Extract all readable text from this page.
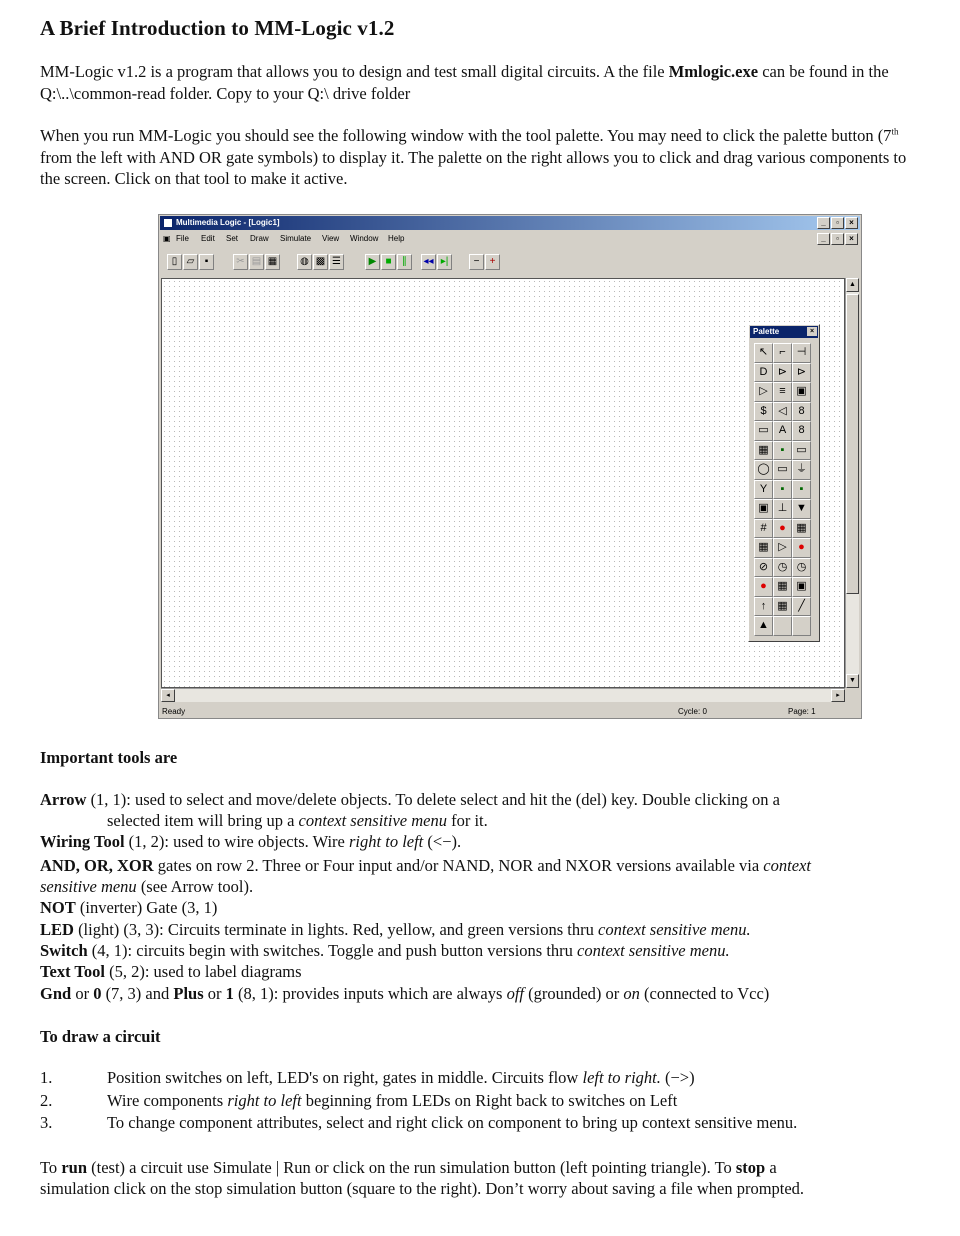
A Brief Introduction to MM-Logic v1.2

MM-Logic v1.2 is a program that allows you to design and test small digital circuits. A the file Mmlogic.exe can be found in the Q:\..\common-read folder. Copy to your Q:\ drive folder

When you run MM-Logic you should see the following window with the tool palette. You may need to click the palette button (7th from the left with AND OR gate symbols) to display it. The palette on the right allows you to click and drag various components to the screen. Click on that tool to make it active.

Multimedia Logic - [Logic1]	_	▫	×
▣ File Edit Set Draw Simulate View Window Help	_	▫	×
▯ ▱	▪	✂ ▤ ▦	◍ ▩ ☰	▶ ■	∥	◂◂ ▸|	−	+
▲
▼
◂	▸
Ready	Cycle: 0	Page: 1
Palette	×
↖	⌐ ⊣
D ⊳ ⊳
▷	≡ ▣
$	◁	8
▭ A	8
▦	▪	▭
◯ ▭ ⏚
Y	▪	▪
▣ ⊥ ▼
#	● ▦
▦ ▷	●
⊘ ◷ ◷
● ▦ ▣
↑	▦ ╱
▲
Important tools are
Arrow (1, 1): used to select and move/delete objects. To delete select and hit the (del) key. Double clicking on a
selected item will bring up a context sensitive menu for it.
Wiring Tool (1, 2): used to wire objects. Wire right to left (<−).
AND, OR, XOR gates on row 2. Three or Four input and/or NAND, NOR and NXOR versions available via context
sensitive menu (see Arrow tool).
NOT (inverter) Gate (3, 1)
LED (light) (3, 3): Circuits terminate in lights. Red, yellow, and green versions thru context sensitive menu.
Switch (4, 1): circuits begin with switches. Toggle and push button versions thru context sensitive menu.
Text Tool (5, 2): used to label diagrams
Gnd or 0 (7, 3) and Plus or 1 (8, 1): provides inputs which are always off (grounded) or on (connected to Vcc)
To draw a circuit
1.	Position switches on left, LED's on right, gates in middle. Circuits flow left to right. (−>)
2.	Wire components right to left beginning from LEDs on Right back to switches on Left
3.	To change component attributes, select and right click on component to bring up context sensitive menu.
To run (test) a circuit use Simulate | Run or click on the run simulation button (left pointing triangle). To stop a
simulation click on the stop simulation button (square to the right). Don’t worry about saving a file when prompted.
